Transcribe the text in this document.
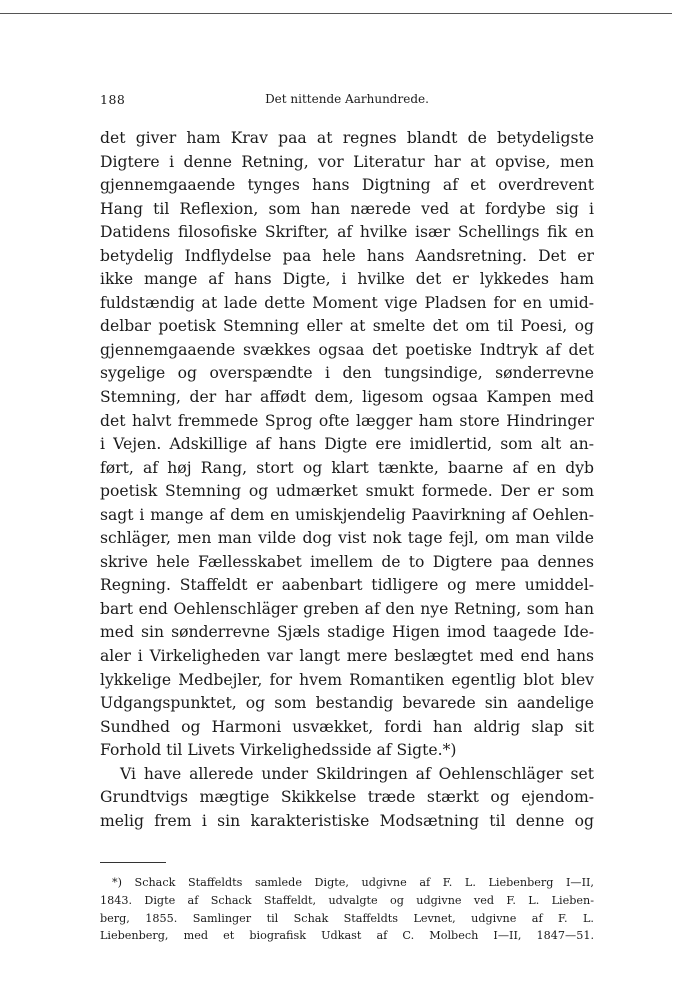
188	Det nittende Aarhundrede.
det giver ham Krav paa at regnes blandt de betydeligste
Digtere i denne Retning, vor Literatur har at opvise, men
gjennemgaaende tynges hans Digtning af et overdrevent
Hang til Reflexion, som han nærede ved at fordybe sig i
Datidens filosofiske Skrifter, af hvilke især Schellings fik en
betydelig Indflydelse paa hele hans Aandsretning. Det er
ikke mange af hans Digte, i hvilke det er lykkedes ham
fuldstændig at lade dette Moment vige Pladsen for en umid-
delbar poetisk Stemning eller at smelte det om til Poesi, og
gjennemgaaende svækkes ogsaa det poetiske Indtryk af det
sygelige og overspændte i den tungsindige, sønderrevne
Stemning, der har affødt dem, ligesom ogsaa Kampen med
det halvt fremmede Sprog ofte lægger ham store Hindringer
i Vejen. Adskillige af hans Digte ere imidlertid, som alt an-
ført, af høj Rang, stort og klart tænkte, baarne af en dyb
poetisk Stemning og udmærket smukt formede. Der er som
sagt i mange af dem en umiskjendelig Paavirkning af Oehlen-
schläger, men man vilde dog vist nok tage fejl, om man vilde
skrive hele Fællesskabet imellem de to Digtere paa dennes
Regning. Staffeldt er aabenbart tidligere og mere umiddel-
bart end Oehlenschläger greben af den nye Retning, som han
med sin sønderrevne Sjæls stadige Higen imod taagede Ide-
aler i Virkeligheden var langt mere beslægtet med end hans
lykkelige Medbejler, for hvem Romantiken egentlig blot blev
Udgangspunktet, og som bestandig bevarede sin aandelige
Sundhed og Harmoni usvækket, fordi han aldrig slap sit
Forhold til Livets Virkelighedsside af Sigte.*)
Vi have allerede under Skildringen af Oehlenschläger set
Grundtvigs mægtige Skikkelse træde stærkt og ejendom-
melig frem i sin karakteristiske Modsætning til denne og
*) Schack Staffeldts samlede Digte, udgivne af F. L. Liebenberg I—II,
1843. Digte af Schack Staffeldt, udvalgte og udgivne ved F. L. Lieben-
berg, 1855. Samlinger til Schak Staffeldts Levnet, udgivne af F. L.
Liebenberg, med et biografisk Udkast af C. Molbech I—II, 1847—51.
